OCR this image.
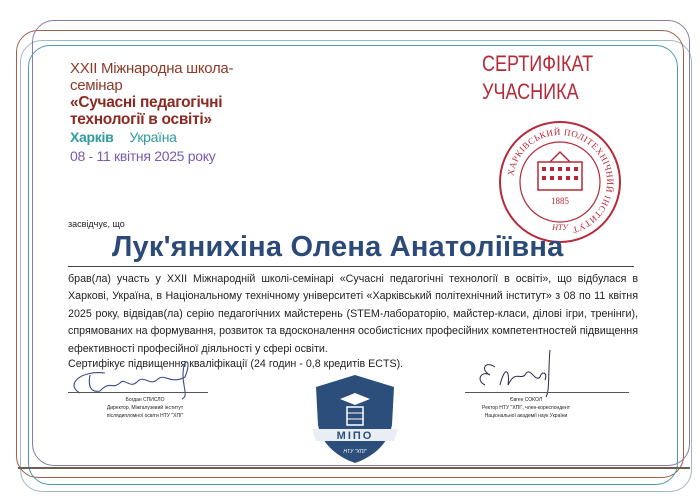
XXII Міжнародна школа-
семінар
«Сучасні педагогічні
технології в освіті»
Харків Україна
08 - 11 квітня 2025 року
СЕРТИФІКАТ
УЧАСНИКА
ХАРКІВСЬКИЙ ПОЛІТЕХНІЧНИЙ ІНСТИТУТ
1885
НТУ
засвідчує, що
Лук'янихіна Олена Анатоліївна
брав(ла) участь у XXII Міжнародній школі-семінарі «Сучасні педагогічні технології в освіті», що відбулася в Харкові, Україна, в Національному технічному університеті «Харківський політехнічний інститут» з 08 по 11 квітня 2025 року, відвідав(ла) серію педагогічних майстерень (STEM-лабораторію, майстер-класи, ділові ігри, тренінги), спрямованих на формування, розвиток та вдосконалення особистісних професійних компетентностей підвищення ефективності професійної діяльності у сфері освіти.
Сертифікує підвищення кваліфікації (24 годин - 0,8 кредитів ECTS).
Богдан СПИСЛО
Директор, Міжгалузевий інститут
післядипломної освіти НТУ "ХПІ"
МІПО
НТУ "ХПІ"
Євген СОКОЛ
Ректор НТУ "ХПІ", член-кореспондент
Національної академії наук України
